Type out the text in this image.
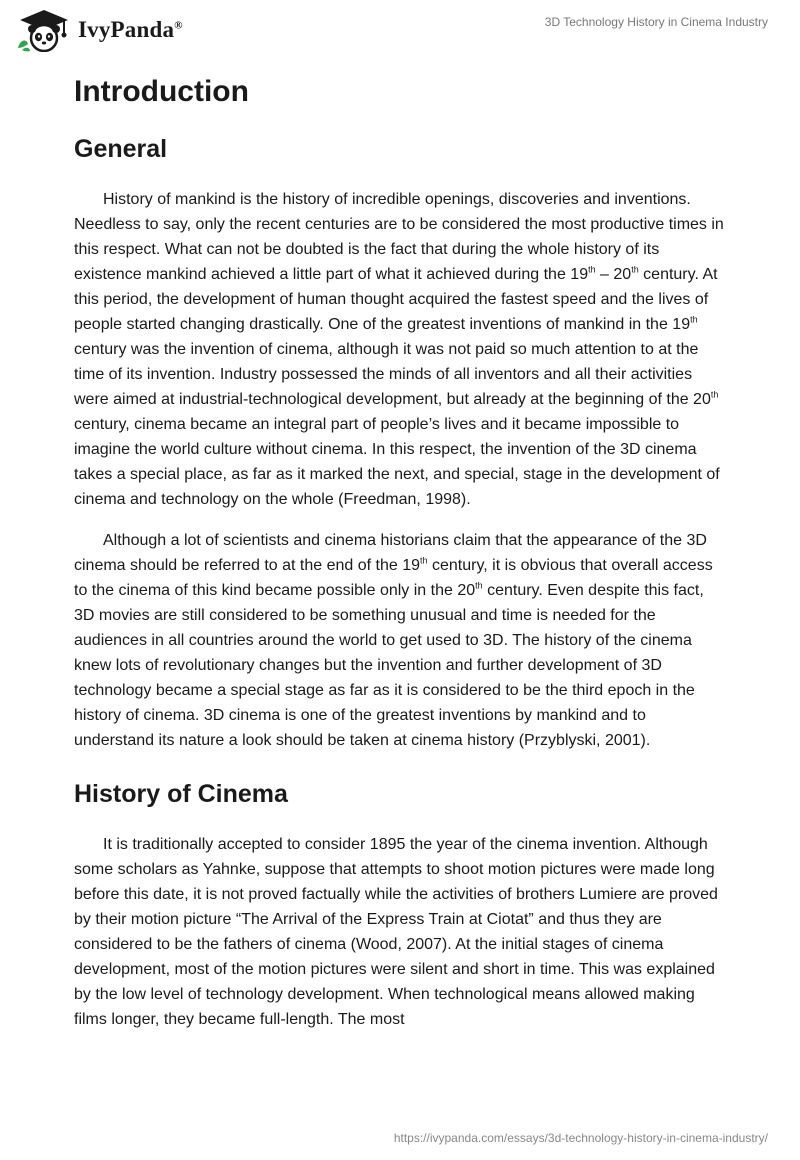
IvyPanda®	3D Technology History in Cinema Industry
Introduction
General

History of mankind is the history of incredible openings, discoveries and inventions. Needless to say, only the recent centuries are to be considered the most productive times in this respect. What can not be doubted is the fact that during the whole history of its existence mankind achieved a little part of what it achieved during the 19th – 20th century. At this period, the development of human thought acquired the fastest speed and the lives of people started changing drastically. One of the greatest inventions of mankind in the 19th century was the invention of cinema, although it was not paid so much attention to at the time of its invention. Industry possessed the minds of all inventors and all their activities were aimed at industrial-technological development, but already at the beginning of the 20th century, cinema became an integral part of people’s lives and it became impossible to imagine the world culture without cinema. In this respect, the invention of the 3D cinema takes a special place, as far as it marked the next, and special, stage in the development of cinema and technology on the whole (Freedman, 1998).

Although a lot of scientists and cinema historians claim that the appearance of the 3D cinema should be referred to at the end of the 19th century, it is obvious that overall access to the cinema of this kind became possible only in the 20th century. Even despite this fact, 3D movies are still considered to be something unusual and time is needed for the audiences in all countries around the world to get used to 3D. The history of the cinema knew lots of revolutionary changes but the invention and further development of 3D technology became a special stage as far as it is considered to be the third epoch in the history of cinema. 3D cinema is one of the greatest inventions by mankind and to understand its nature a look should be taken at cinema history (Przyblyski, 2001).

History of Cinema

It is traditionally accepted to consider 1895 the year of the cinema invention. Although some scholars as Yahnke, suppose that attempts to shoot motion pictures were made long before this date, it is not proved factually while the activities of brothers Lumiere are proved by their motion picture “The Arrival of the Express Train at Ciotat” and thus they are considered to be the fathers of cinema (Wood, 2007). At the initial stages of cinema development, most of the motion pictures were silent and short in time. This was explained by the low level of technology development. When technological means allowed making films longer, they became full-length. The most

https://ivypanda.com/essays/3d-technology-history-in-cinema-industry/
